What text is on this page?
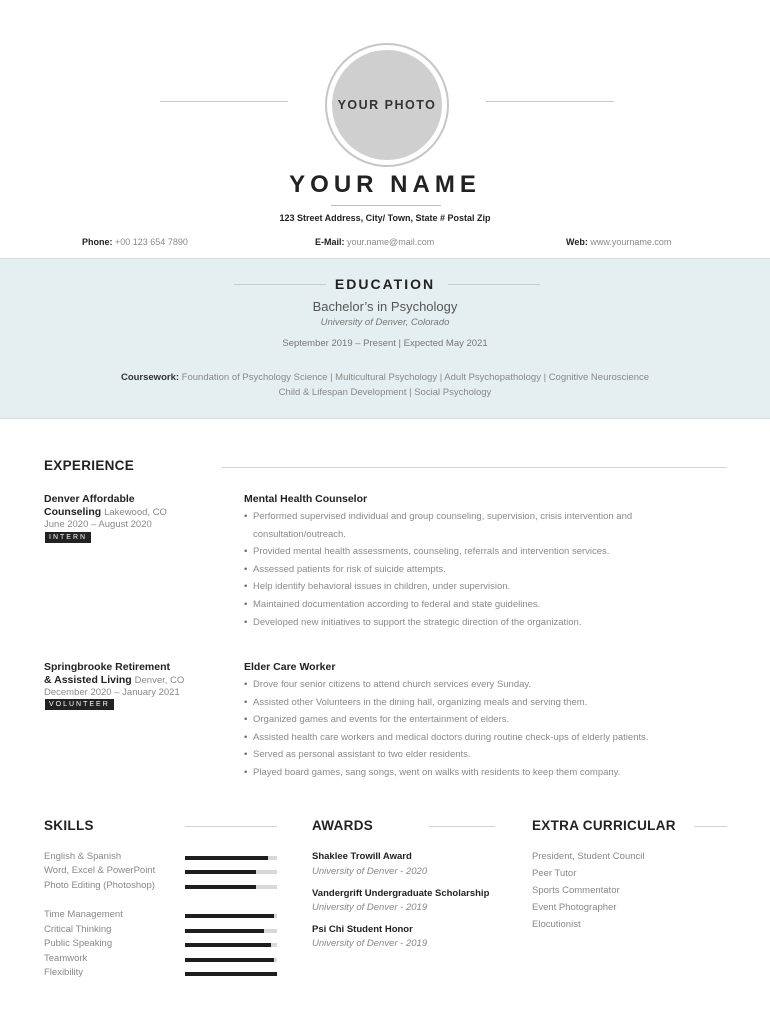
YOUR PHOTO
YOUR NAME
123 Street Address, City/ Town, State # Postal Zip
Phone: +00 123 654 7890	E-Mail: your.name@mail.com	Web: www.yourname.com
EDUCATION
Bachelor’s in Psychology
University of Denver, Colorado
September 2019 – Present | Expected May 2021
Coursework: Foundation of Psychology Science | Multicultural Psychology | Adult Psychopathology | Cognitive Neuroscience
Child & Lifespan Development | Social Psychology
EXPERIENCE
Denver Affordable
Counseling Lakewood, CO
June 2020 – August 2020
INTERN
Mental Health Counselor
• Performed supervised individual and group counseling, supervision, crisis intervention and
consultation/outreach.
• Provided mental health assessments, counseling, referrals and intervention services.
• Assessed patients for risk of suicide attempts.
• Help identify behavioral issues in children, under supervision.
• Maintained documentation according to federal and state guidelines.
• Developed new initiatives to support the strategic direction of the organization.
Springbrooke Retirement
& Assisted Living Denver, CO
December 2020 – January 2021
VOLUNTEER
Elder Care Worker
• Drove four senior citizens to attend church services every Sunday.
• Assisted other Volunteers in the dining hall, organizing meals and serving them.
• Organized games and events for the entertainment of elders.
• Assisted health care workers and medical doctors during routine check-ups of elderly patients.
• Served as personal assistant to two elder residents.
• Played board games, sang songs, went on walks with residents to keep them company.
SKILLS
English & Spanish
Word, Excel & PowerPoint
Photo Editing (Photoshop)
Time Management
Critical Thinking
Public Speaking
Teamwork
Flexibility
AWARDS
Shaklee Trowill Award
University of Denver - 2020
Vandergrift Undergraduate Scholarship
University of Denver - 2019
Psi Chi Student Honor
University of Denver - 2019
EXTRA CURRICULAR
President, Student Council
Peer Tutor
Sports Commentator
Event Photographer
Elocutionist
